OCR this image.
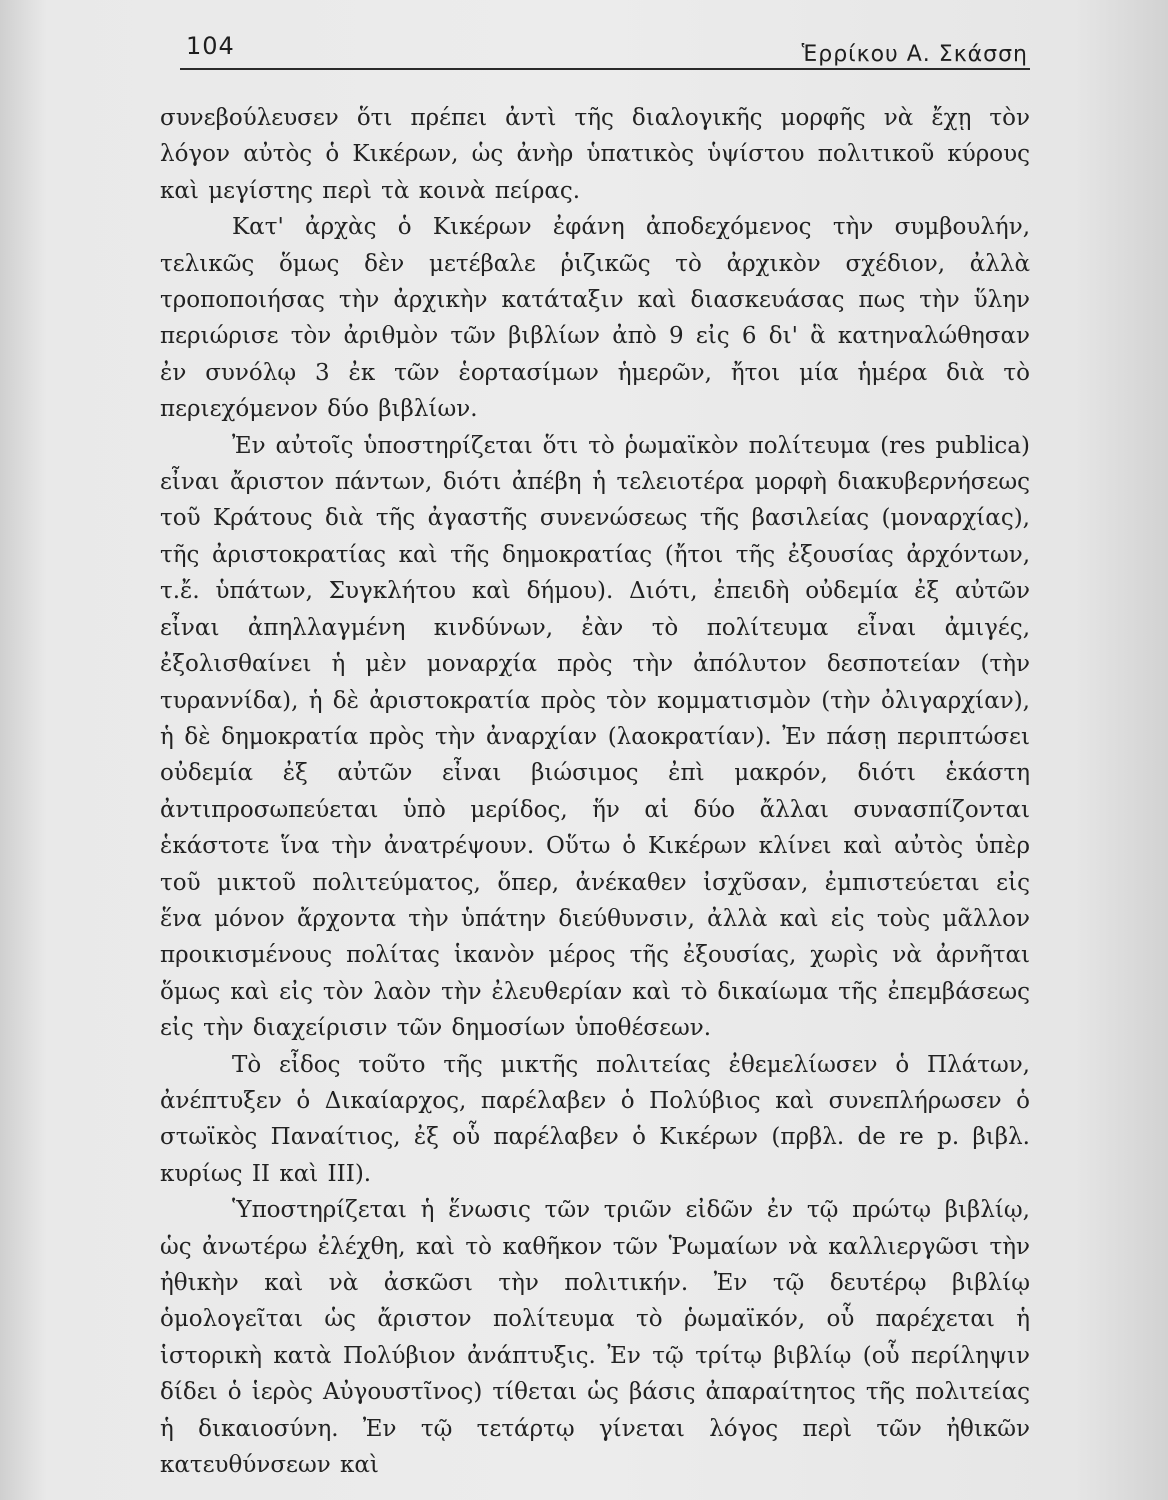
104	Ἑρρίκου Α. Σκάσση

συνεβούλευσεν ὅτι πρέπει ἀντὶ τῆς διαλογικῆς μορφῆς νὰ ἔχῃ τὸν λόγον αὐτὸς ὁ Κικέρων, ὡς ἀνὴρ ὑπατικὸς ὑψίστου πολιτικοῦ κύρους καὶ μεγίστης περὶ τὰ κοινὰ πείρας.

Κατ' ἀρχὰς ὁ Κικέρων ἐφάνη ἀποδεχόμενος τὴν συμβουλήν, τελικῶς ὅμως δὲν μετέβαλε ῥιζικῶς τὸ ἀρχικὸν σχέδιον, ἀλλὰ τροποποιήσας τὴν ἀρχικὴν κατάταξιν καὶ διασκευάσας πως τὴν ὕλην περιώρισε τὸν ἀριθμὸν τῶν βιβλίων ἀπὸ 9 εἰς 6 δι' ἃ κατηναλώθησαν ἐν συνόλῳ 3 ἐκ τῶν ἑορτασίμων ἡμερῶν, ἤτοι μία ἡμέρα διὰ τὸ περιεχόμενον δύο βιβλίων.

Ἐν αὐτοῖς ὑποστηρίζεται ὅτι τὸ ῥωμαϊκὸν πολίτευμα (res publica) εἶναι ἄριστον πάντων, διότι ἀπέβη ἡ τελειοτέρα μορφὴ διακυβερνήσεως τοῦ Κράτους διὰ τῆς ἀγαστῆς συνενώσεως τῆς βασιλείας (μοναρχίας), τῆς ἀριστοκρατίας καὶ τῆς δημοκρατίας (ἤτοι τῆς ἐξουσίας ἀρχόντων, τ.ἔ. ὑπάτων, Συγκλήτου καὶ δήμου). Διότι, ἐπειδὴ οὐδεμία ἐξ αὐτῶν εἶναι ἀπηλλαγμένη κινδύνων, ἐὰν τὸ πολίτευμα εἶναι ἀμιγές, ἐξολισθαίνει ἡ μὲν μοναρχία πρὸς τὴν ἀπόλυτον δεσποτείαν (τὴν τυραννίδα), ἡ δὲ ἀριστοκρατία πρὸς τὸν κομματισμὸν (τὴν ὀλιγαρχίαν), ἡ δὲ δημοκρατία πρὸς τὴν ἀναρχίαν (λαοκρατίαν). Ἐν πάσῃ περιπτώσει οὐδεμία ἐξ αὐτῶν εἶναι βιώσιμος ἐπὶ μακρόν, διότι ἑκάστη ἀντιπροσωπεύεται ὑπὸ μερίδος, ἥν αἱ δύο ἄλλαι συνασπίζονται ἑκάστοτε ἵνα τὴν ἀνατρέψουν. Οὕτω ὁ Κικέρων κλίνει καὶ αὐτὸς ὑπὲρ τοῦ μικτοῦ πολιτεύματος, ὅπερ, ἀνέκαθεν ἰσχῦσαν, ἐμπιστεύεται εἰς ἕνα μόνον ἄρχοντα τὴν ὑπάτην διεύθυνσιν, ἀλλὰ καὶ εἰς τοὺς μᾶλλον προικισμένους πολίτας ἱκανὸν μέρος τῆς ἐξουσίας, χωρὶς νὰ ἀρνῆται ὅμως καὶ εἰς τὸν λαὸν τὴν ἐλευθερίαν καὶ τὸ δικαίωμα τῆς ἐπεμβάσεως εἰς τὴν διαχείρισιν τῶν δημοσίων ὑποθέσεων.

Τὸ εἶδος τοῦτο τῆς μικτῆς πολιτείας ἐθεμελίωσεν ὁ Πλάτων, ἀνέπτυξεν ὁ Δικαίαρχος, παρέλαβεν ὁ Πολύβιος καὶ συνεπλήρωσεν ὁ στωϊκὸς Παναίτιος, ἐξ οὗ παρέλαβεν ὁ Κικέρων (πρβλ. de re p. βιβλ. κυρίως ΙΙ καὶ ΙΙΙ).

Ὑποστηρίζεται ἡ ἕνωσις τῶν τριῶν εἰδῶν ἐν τῷ πρώτῳ βιβλίῳ, ὡς ἀνωτέρω ἐλέχθη, καὶ τὸ καθῆκον τῶν Ῥωμαίων νὰ καλλιεργῶσι τὴν ἠθικὴν καὶ νὰ ἀσκῶσι τὴν πολιτικήν. Ἐν τῷ δευτέρῳ βιβλίῳ ὁμολογεῖται ὡς ἄριστον πολίτευμα τὸ ῥωμαϊκόν, οὗ παρέχεται ἡ ἱστορικὴ κατὰ Πολύβιον ἀνάπτυξις. Ἐν τῷ τρίτῳ βιβλίῳ (οὗ περίληψιν δίδει ὁ ἱερὸς Αὐγουστῖνος) τίθεται ὡς βάσις ἀπαραίτητος τῆς πολιτείας ἡ δικαιοσύνη. Ἐν τῷ τετάρτῳ γίνεται λόγος περὶ τῶν ἠθικῶν κατευθύνσεων καὶ
